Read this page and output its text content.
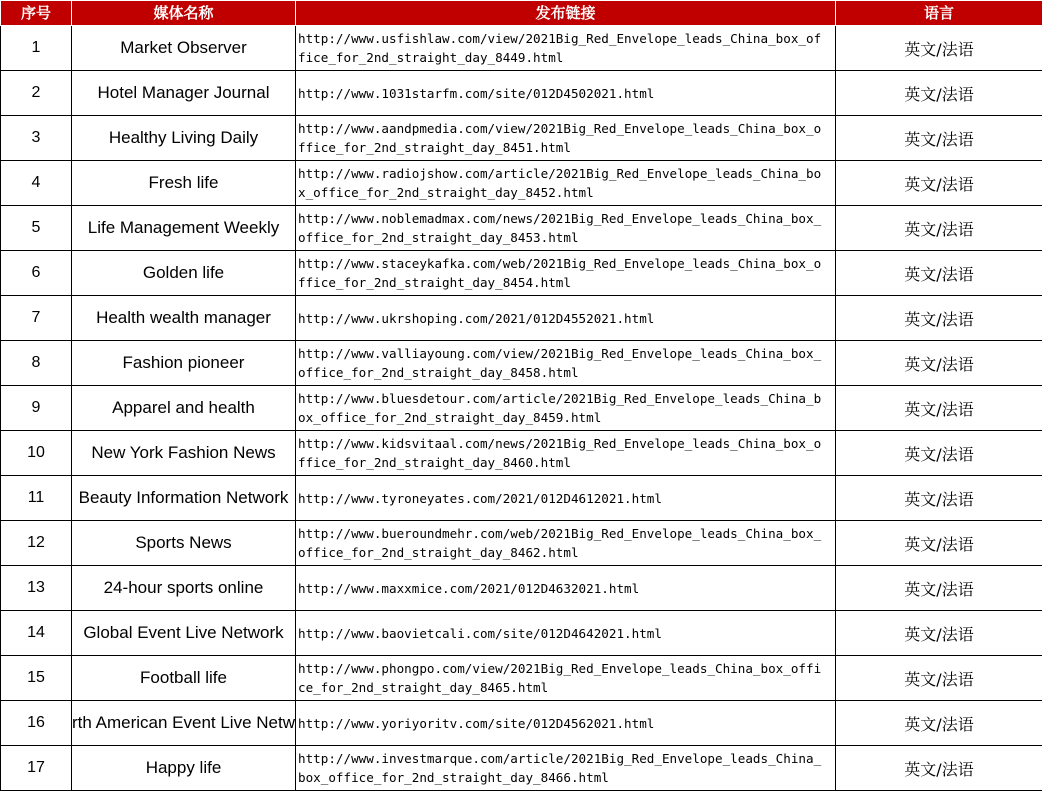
序号	媒体名称	发布链接	语言
1	Market Observer	http://www.usfishlaw.com/view/2021Big_Red_Envelope_leads_China_box_office_for_2nd_straight_day_8449.html	英文/法语
2	Hotel Manager Journal	http://www.1031starfm.com/site/012D4502021.html	英文/法语
3	Healthy Living Daily	http://www.aandpmedia.com/view/2021Big_Red_Envelope_leads_China_box_office_for_2nd_straight_day_8451.html	英文/法语
4	Fresh life	http://www.radiojshow.com/article/2021Big_Red_Envelope_leads_China_box_office_for_2nd_straight_day_8452.html	英文/法语
5	Life Management Weekly	http://www.noblemadmax.com/news/2021Big_Red_Envelope_leads_China_box_office_for_2nd_straight_day_8453.html	英文/法语
6	Golden life	http://www.staceykafka.com/web/2021Big_Red_Envelope_leads_China_box_office_for_2nd_straight_day_8454.html	英文/法语
7	Health wealth manager	http://www.ukrshoping.com/2021/012D4552021.html	英文/法语
8	Fashion pioneer	http://www.valliayoung.com/view/2021Big_Red_Envelope_leads_China_box_office_for_2nd_straight_day_8458.html	英文/法语
9	Apparel and health	http://www.bluesdetour.com/article/2021Big_Red_Envelope_leads_China_box_office_for_2nd_straight_day_8459.html	英文/法语
10	New York Fashion News	http://www.kidsvitaal.com/news/2021Big_Red_Envelope_leads_China_box_office_for_2nd_straight_day_8460.html	英文/法语
11	Beauty Information Network	http://www.tyroneyates.com/2021/012D4612021.html	英文/法语
12	Sports News	http://www.bueroundmehr.com/web/2021Big_Red_Envelope_leads_China_box_office_for_2nd_straight_day_8462.html	英文/法语
13	24-hour sports online	http://www.maxxmice.com/2021/012D4632021.html	英文/法语
14	Global Event Live Network	http://www.baovietcali.com/site/012D4642021.html	英文/法语
15	Football life	http://www.phongpo.com/view/2021Big_Red_Envelope_leads_China_box_office_for_2nd_straight_day_8465.html	英文/法语
16	rth American Event Live Netw	http://www.yoriyoritv.com/site/012D4562021.html	英文/法语
17	Happy life	http://www.investmarque.com/article/2021Big_Red_Envelope_leads_China_box_office_for_2nd_straight_day_8466.html	英文/法语
